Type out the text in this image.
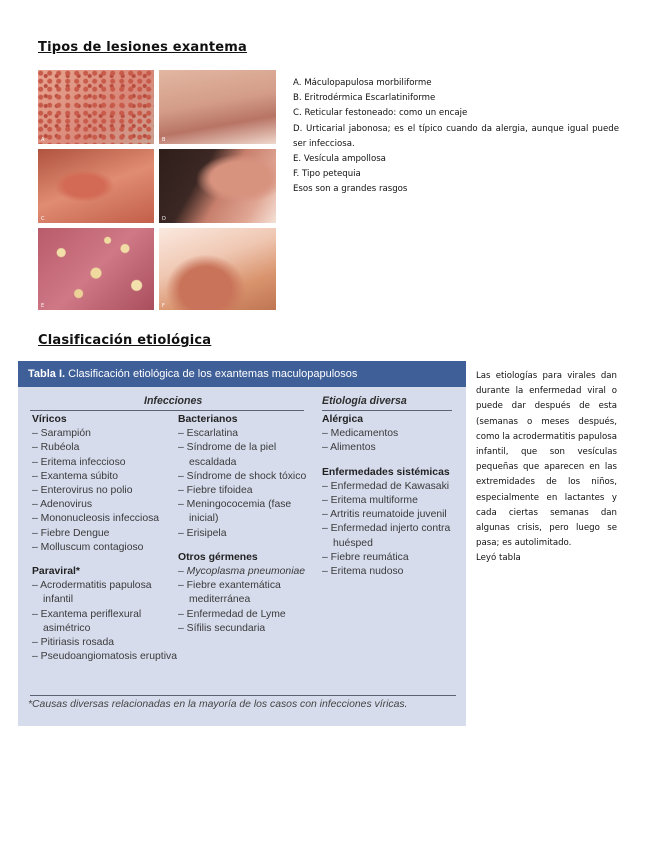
Tipos de lesiones exantema
A	B
C	D
E	F
A. Máculopapulosa morbiliforme
B. Eritrodérmica Escarlatiniforme
C. Reticular festoneado: como un encaje
D. Urticarial jabonosa; es el típico cuando da alergia, aunque igual puede ser infecciosa.
E. Vesícula ampollosa
F. Tipo petequia
Esos son a grandes rasgos
Clasificación etiológica
Tabla I. Clasificación etiológica de los exantemas maculopapulosos
Infecciones	Etiología diversa
Víricos
– Sarampión
– Rubéola
– Eritema infeccioso
– Exantema súbito
– Enterovirus no polio
– Adenovirus
– Mononucleosis infecciosa
– Fiebre Dengue
– Molluscum contagioso
Paraviral*
– Acrodermatitis papulosa infantil
– Exantema periflexural asimétrico
– Pitiriasis rosada
– Pseudoangiomatosis eruptiva
Bacterianos
– Escarlatina
– Síndrome de la piel escaldada
– Síndrome de shock tóxico
– Fiebre tifoidea
– Meningococemia (fase inicial)
– Erisipela
Otros gérmenes
– Mycoplasma pneumoniae
– Fiebre exantemática mediterránea
– Enfermedad de Lyme
– Sífilis secundaria
Alérgica
– Medicamentos
– Alimentos
Enfermedades sistémicas
– Enfermedad de Kawasaki
– Eritema multiforme
– Artritis reumatoide juvenil
– Enfermedad injerto contra huésped
– Fiebre reumática
– Eritema nudoso
*Causas diversas relacionadas en la mayoría de los casos con infecciones víricas.
Las etiologías para virales dan durante la enfermedad viral o puede dar después de esta (semanas o meses después, como la acrodermatitis papulosa infantil, que son vesículas pequeñas que aparecen en las extremidades de los niños, especialmente en lactantes y cada ciertas semanas dan algunas crisis, pero luego se pasa; es autolimitado.
Leyó tabla
